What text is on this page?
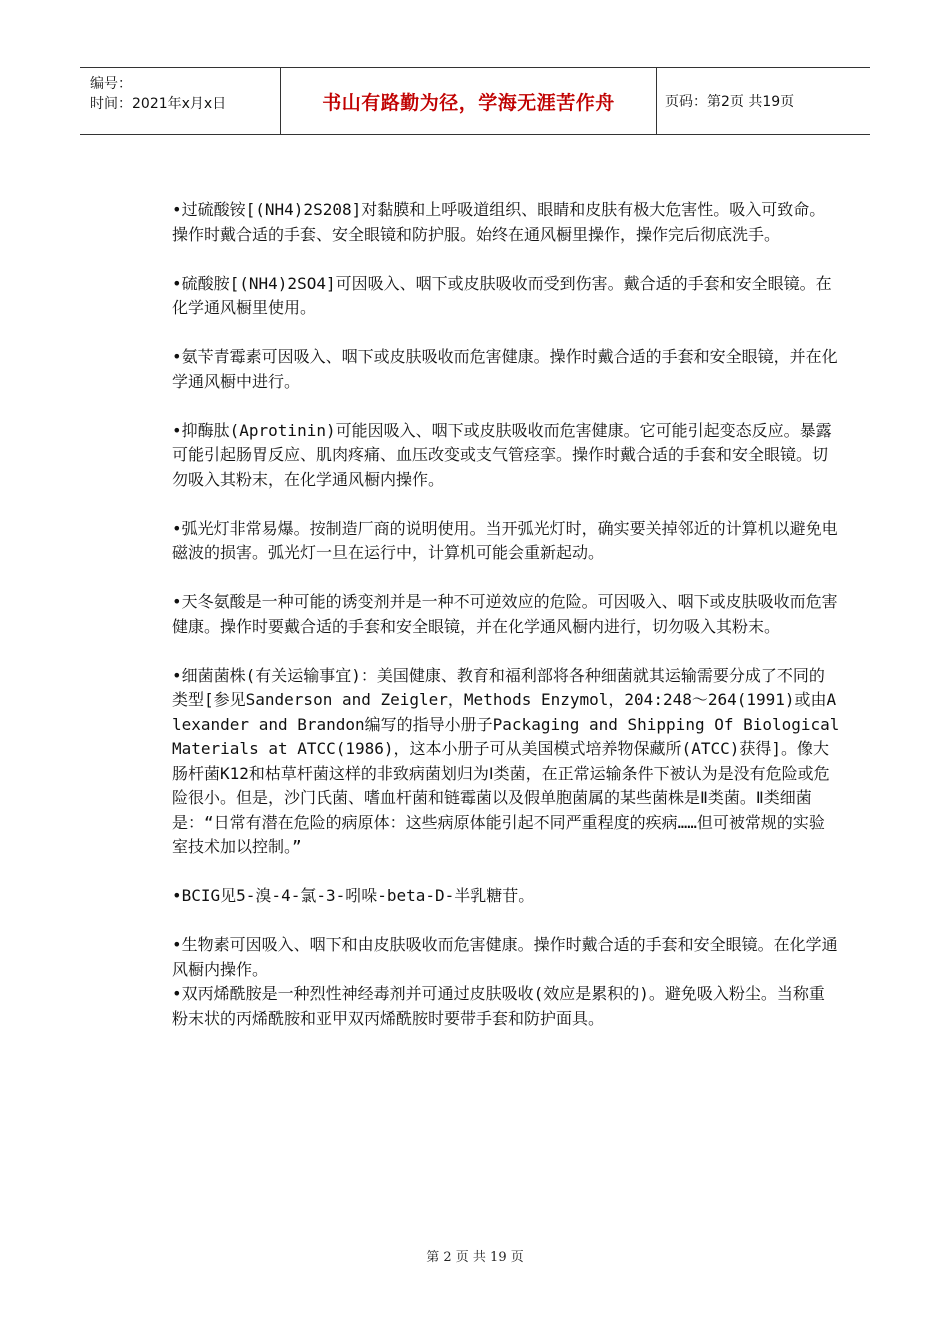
编号：
时间：2021年x月x日	书山有路勤为径，学海无涯苦作舟	页码：第2页 共19页

•过硫酸铵[(NH4)2S208]对黏膜和上呼吸道组织、眼睛和皮肤有极大危害性。吸入可致命。操作时戴合适的手套、安全眼镜和防护服。始终在通风橱里操作，操作完后彻底洗手。

•硫酸胺[(NH4)2SO4]可因吸入、咽下或皮肤吸收而受到伤害。戴合适的手套和安全眼镜。在化学通风橱里使用。

•氨苄青霉素可因吸入、咽下或皮肤吸收而危害健康。操作时戴合适的手套和安全眼镜，并在化学通风橱中进行。

•抑酶肽(Aprotinin)可能因吸入、咽下或皮肤吸收而危害健康。它可能引起变态反应。暴露可能引起肠胃反应、肌肉疼痛、血压改变或支气管痉挛。操作时戴合适的手套和安全眼镜。切勿吸入其粉末，在化学通风橱内操作。

•弧光灯非常易爆。按制造厂商的说明使用。当开弧光灯时，确实要关掉邻近的计算机以避免电磁波的损害。弧光灯一旦在运行中，计算机可能会重新起动。

•天冬氨酸是一种可能的诱变剂并是一种不可逆效应的危险。可因吸入、咽下或皮肤吸收而危害健康。操作时要戴合适的手套和安全眼镜，并在化学通风橱内进行，切勿吸入其粉末。

•细菌菌株(有关运输事宜)：美国健康、教育和福利部将各种细菌就其运输需要分成了不同的类型[参见Sanderson and Zeigler，Methods Enzymol，204:248～264(1991)或由Alexander and Brandon编写的指导小册子Packaging and Shipping Of Biological Materials at ATCC(1986)，这本小册子可从美国模式培养物保藏所(ATCC)获得]。像大肠杆菌K12和枯草杆菌这样的非致病菌划归为Ⅰ类菌，在正常运输条件下被认为是没有危险或危险很小。但是，沙门氏菌、嗜血杆菌和链霉菌以及假单胞菌属的某些菌株是Ⅱ类菌。Ⅱ类细菌是：“日常有潜在危险的病原体：这些病原体能引起不同严重程度的疾病……但可被常规的实验室技术加以控制。”

•BCIG见5-溴-4-氯-3-吲哚-beta-D-半乳糖苷。

•生物素可因吸入、咽下和由皮肤吸收而危害健康。操作时戴合适的手套和安全眼镜。在化学通风橱内操作。

•双丙烯酰胺是一种烈性神经毒剂并可通过皮肤吸收(效应是累积的)。避免吸入粉尘。当称重粉末状的丙烯酰胺和亚甲双丙烯酰胺时要带手套和防护面具。

第 2 页 共 19 页
